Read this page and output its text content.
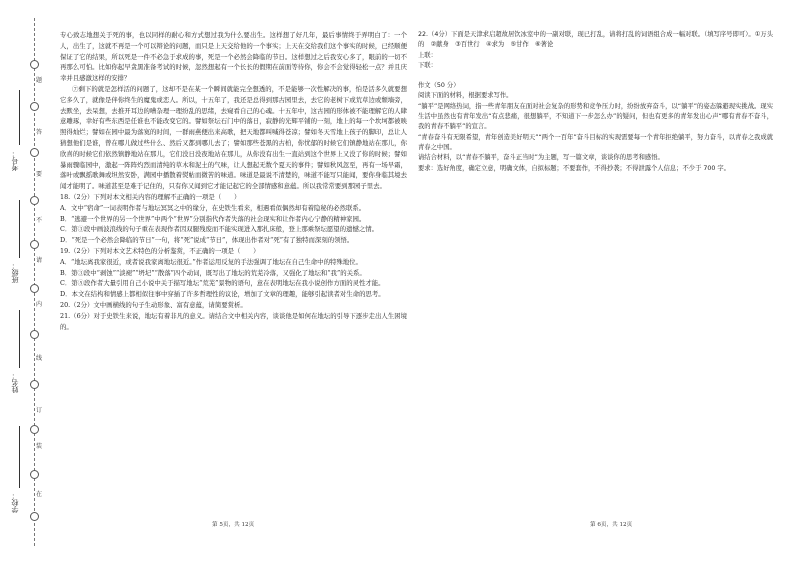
题
答
要
不
请
内
线
订
装
在
考号：
班级：
姓名：
学校：

专心致志地想关于死的事，也以同样的耐心和方式想过我为什么要出生。这样想了好几年，最后事情终于弄明白了：一个人，出生了，这就不再是一个可以辩论的问题，而只是上天交给他的一个事实；上天在交给我们这个事实的时候，已经顺便保证了它的结果，所以死是一件不必急于求成的事，死是一个必然会降临的节日。这样想过之后我安心多了，眼前的一切不再那么可怕。比如你起早贪黑准备考试的时候，忽然想起有一个长长的假期在前面等待你，你会不会觉得轻松一点？并且庆幸并且感激这样的安排？

⑦剩下的就是怎样活的问题了，这却不是在某一个瞬间就能完全想透的，不是能够一次性解决的事，怕是活多久就要想它多久了，就像是伴你终生的魔鬼或恋人。所以，十五年了，我还是总得到那古园里去，去它的老树下或荒草边或颓墙旁，去默坐，去呆想，去推开耳边的嘈杂理一理纷乱的思绪，去窥看自己的心魂。十五年中，这古园的形体被不能理解它的人肆意雕琢，幸好有些东西是任谁也不能改变它的。譬如祭坛石门中的落日，寂静的光辉平铺的一刻，地上的每一个坎坷都被映照得灿烂；譬如在园中最为落寞的时间，一群雨燕便出来高歌，把天地都叫喊得苍凉；譬如冬天雪地上孩子的脚印，总让人猜想他们是谁，曾在哪儿做过些什么、然后又都到哪儿去了；譬如那些苍黑的古柏，你忧郁的时候它们镇静地站在那儿，你欣喜的时候它们依然镇静地站在那儿，它们没日没夜地站在那儿，从你没有出生一直站到这个世界上又没了你的时候；譬如暴雨骤临园中，激起一阵阵灼烈而清纯的草木和泥土的气味，让人想起无数个夏天的事件；譬如秋风忽至，再有一场早霜，落叶或飘摇歌舞或坦然安卧，满园中播散着熨帖而微苦的味道。味道是最说不清楚的，味道不能写只能闻，要你身临其境去闻才能明了。味道甚至是难于记住的，只有你又闻到它才能记起它的全部情感和意蕴。所以我常常要到那园子里去。

18.（2分）下列对本文相关内容的理解不正确的一项是（　　）

A．文中“宿命”一词表明作者与地坛冥冥之中的缘分，在史铁生看来，相遇看似偶然却有着隐秘的必然联系。

B．“逃避一个世界的另一个世界”中两个“世界”分别指代作者失落的社会现实和让作者内心宁静的精神家园。

C．第③段中画波浪线的句子重在表现作者因双腿残废而不能实现进入那扎床般，登上那乘祭坛愿望的遗憾之情。

D．“死是一个必然会降临的节日”一句，将“死”说成“节日”，体现出作者对“死”有了独特而深刻的领悟。

19.（2分）下列对本文艺术特色的分析鉴赏，不正确的一项是（　　）

A．“地坛离我家很近，或者说我家离地坛很近。”作者运用反复的手法强调了地坛在自己生命中的特殊地位。

B．第③段中“剥蚀”“淡褪”“坍圮”“散落”四个动词，既写出了地坛的荒芜冷落，又强化了地坛和“我”的关系。

C．第⑤段作者大量引用自己小说中关于描写地坛“荒芜”景物的语句，意在表明地坛在我小说创作方面的灵性才能。

D．本文在结构和情感上都相似往事中穿插了许多哲理性的议论，增加了文章的理趣，能够引起读者对生命的思考。

20.（2分）文中画横线的句子生动形象、富有意蕴，请简要赏析。

21.（6分）对于史铁生来说，地坛有着非凡的意义。请结合文中相关内容，谈谈他是如何在地坛的引导下逐步走出人生困境的。

第 5页，共 12页

22.（4分）下面是天津求启超故居饮冰室中的一副对联，现已打乱，请将打乱的词语组合成一幅对联。（填写序号即可）。①万头的　②献身　③百世行　④求为　⑤甘作　⑥著论

上联：

下联：

作文（50 分）

阅读下面的材料，根据要求写作。

“躺平”是网络热词，指一些青年朋友在面对社会复杂的形势和竞争压力时，纷纷放弃奋斗，以“躺平”的姿态躲避现实挑战。现实生活中虽然也有青年发出“有点悲痛，很想躺平，不知道下一步怎么办”的疑问，但也有更多的青年发出心声“哪有青春不奋斗，我的青春不躺平”的宣言。

“青春奋斗有无限希望，青年创造美好明天”“两个一百年”奋斗目标的实现需要每一个青年拒绝躺平，努力奋斗，以青春之我成就青春之中国。

请结合材料，以“青春不躺平，奋斗正当时”为主题，写一篇文章，谈谈你的思考和感悟。

要求：选好角度，确定立意，明确文体，自拟标题；不要套作，不得抄袭；不得泄露个人信息；不少于 700 字。

第 6页，共 12页
